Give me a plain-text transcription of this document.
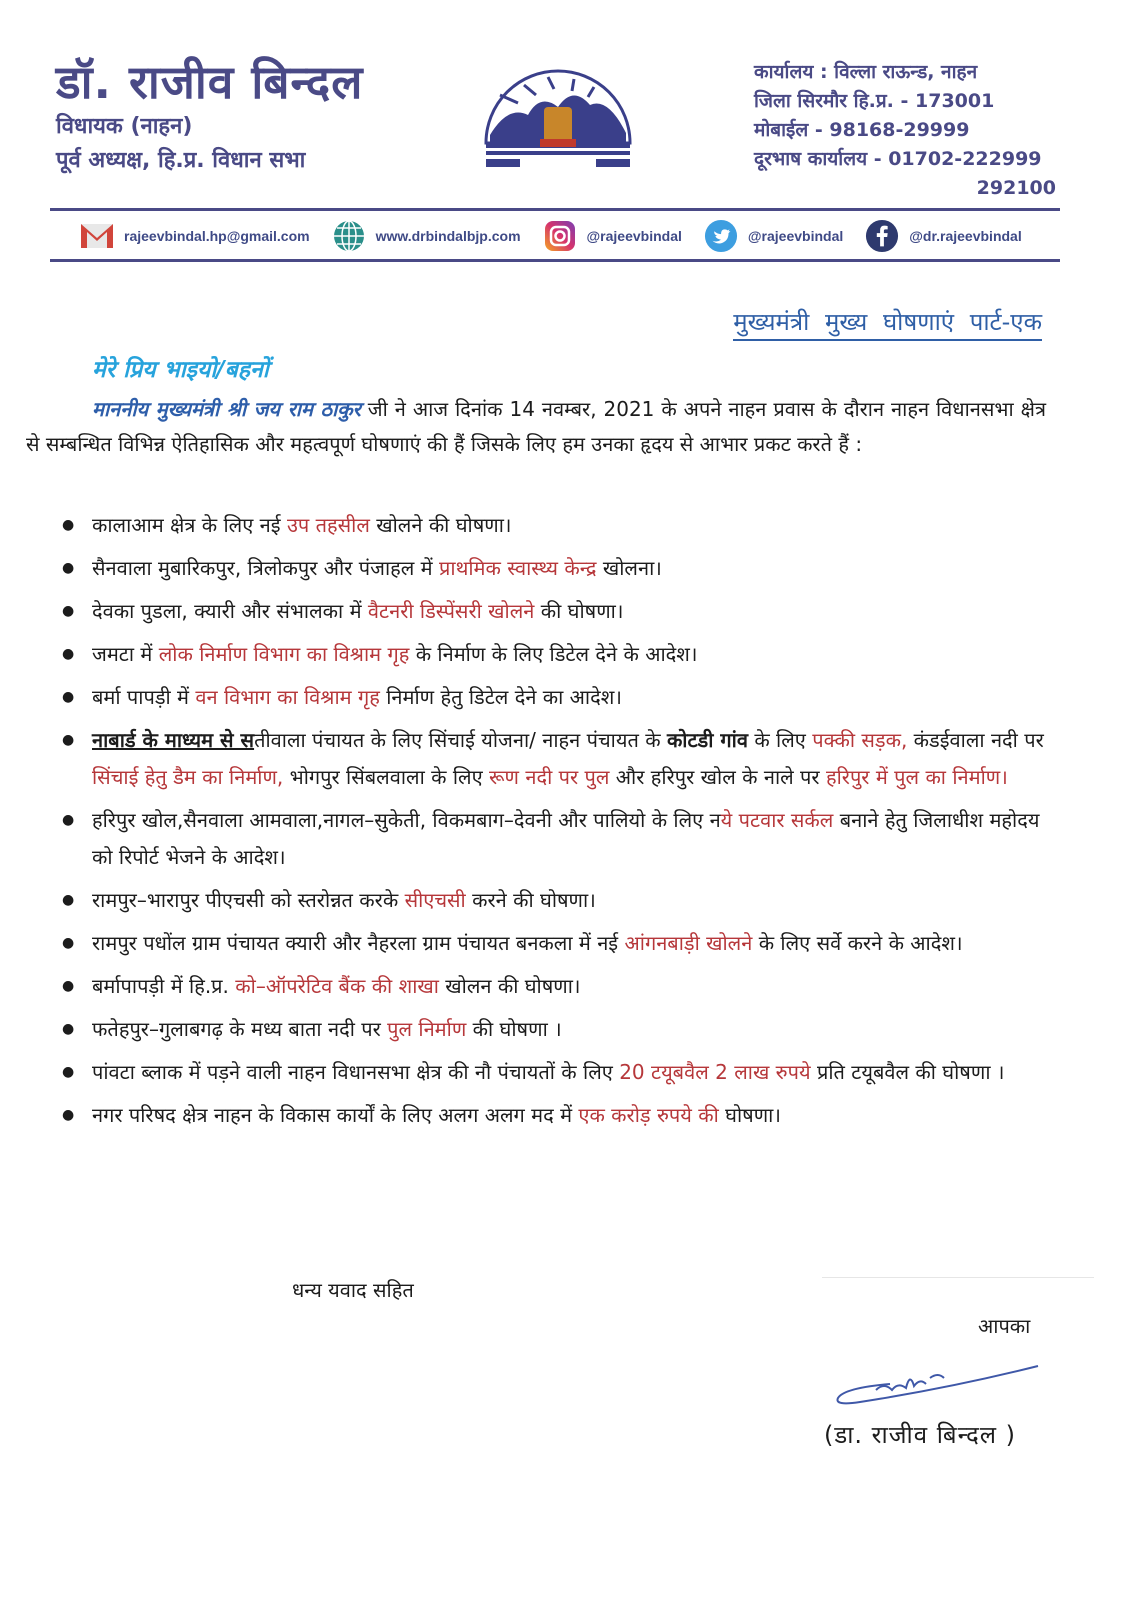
डॉ. राजीव बिन्दल
विधायक (नाहन)
पूर्व अध्यक्ष, हि.प्र. विधान सभा
कार्यालय : विल्ला राऊन्ड, नाहन
जिला सिरमौर हि.प्र. - 173001
मोबाईल - 98168-29999
दूरभाष कार्यालय - 01702-222999
292100
rajeevbindal.hp@gmail.com	www.drbindalbjp.com	@rajeevbindal	@rajeevbindal	@dr.rajeevbindal
मुख्यमंत्री मुख्य घोषणाएं पार्ट-एक
मेरे प्रिय भाइयो/बहनों
माननीय मुख्यमंत्री श्री जय राम ठाकुर जी ने आज दिनांक 14 नवम्बर, 2021 के अपने नाहन प्रवास के दौरान नाहन विधानसभा क्षेत्र से सम्बन्धित विभिन्न ऐतिहासिक और महत्वपूर्ण घोषणाएं की हैं जिसके लिए हम उनका हृदय से आभार प्रकट करते हैं :
● कालाआम क्षेत्र के लिए नई उप तहसील खोलने की घोषणा।
● सैनवाला मुबारिकपुर, त्रिलोकपुर और पंजाहल में प्राथमिक स्वास्थ्य केन्द्र खोलना।
● देवका पुडला, क्यारी और संभालका में वैटनरी डिस्पेंसरी खोलने की घोषणा।
● जमटा में लोक निर्माण विभाग का विश्राम गृह के निर्माण के लिए डिटेल देने के आदेश।
● बर्मा पापड़ी में वन विभाग का विश्राम गृह निर्माण हेतु डिटेल देने का आदेश।
● नाबार्ड के माध्यम से सतीवाला पंचायत के लिए सिंचाई योजना/ नाहन पंचायत के कोटडी गांव के लिए पक्की सड़क, कंडईवाला नदी पर सिंचाई हेतु डैम का निर्माण, भोगपुर सिंबलवाला के लिए रूण नदी पर पुल और हरिपुर खोल के नाले पर हरिपुर में पुल का निर्माण।
● हरिपुर खोल,सैनवाला आमवाला,नागल–सुकेती, विकमबाग–देवनी और पालियो के लिए नये पटवार सर्कल बनाने हेतु जिलाधीश महोदय को रिपोर्ट भेजने के आदेश।
● रामपुर–भारापुर पीएचसी को स्तरोन्नत करके सीएचसी करने की घोषणा।
● रामपुर पधोंल ग्राम पंचायत क्यारी और नैहरला ग्राम पंचायत बनकला में नई आंगनबाड़ी खोलने के लिए सर्वे करने के आदेश।
● बर्मापापड़ी में हि.प्र. को–ऑपरेटिव बैंक की शाखा खोलन की घोषणा।
● फतेहपुर–गुलाबगढ़ के मध्य बाता नदी पर पुल निर्माण की घोषणा ।
● पांवटा ब्लाक में पड़ने वाली नाहन विधानसभा क्षेत्र की नौ पंचायतों के लिए 20 टयूबवैल 2 लाख रुपये प्रति टयूबवैल की घोषणा ।
● नगर परिषद क्षेत्र नाहन के विकास कार्यों के लिए अलग अलग मद में एक करोड़ रुपये की घोषणा।
धन्य यवाद सहित
आपका
(डा. राजीव बिन्दल )
